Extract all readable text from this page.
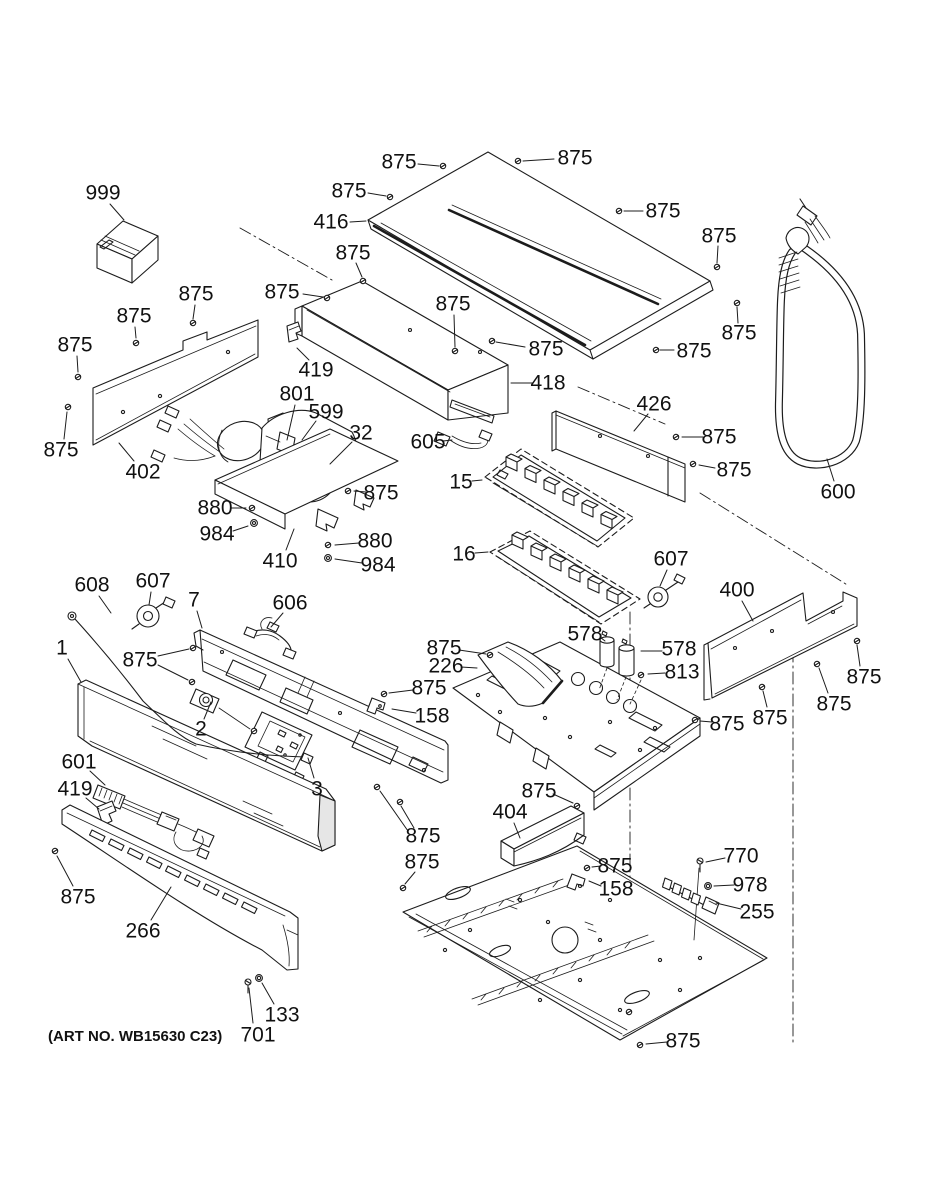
875	875
875
875
416
875
875
875
875
875
875
875
999
875
875
875
875
402
419
418
801
599
32 605
426
875
875
15
875
880
984
410
880
984	16	607
600
400
608 607
7	606
1
875
578
578
813
875
226
875
158
2
3
875 875
875
875
601
419
875
266
875
404
875
875	875
158
770
978
255
875
133
701
(ART NO. WB15630 C23)
